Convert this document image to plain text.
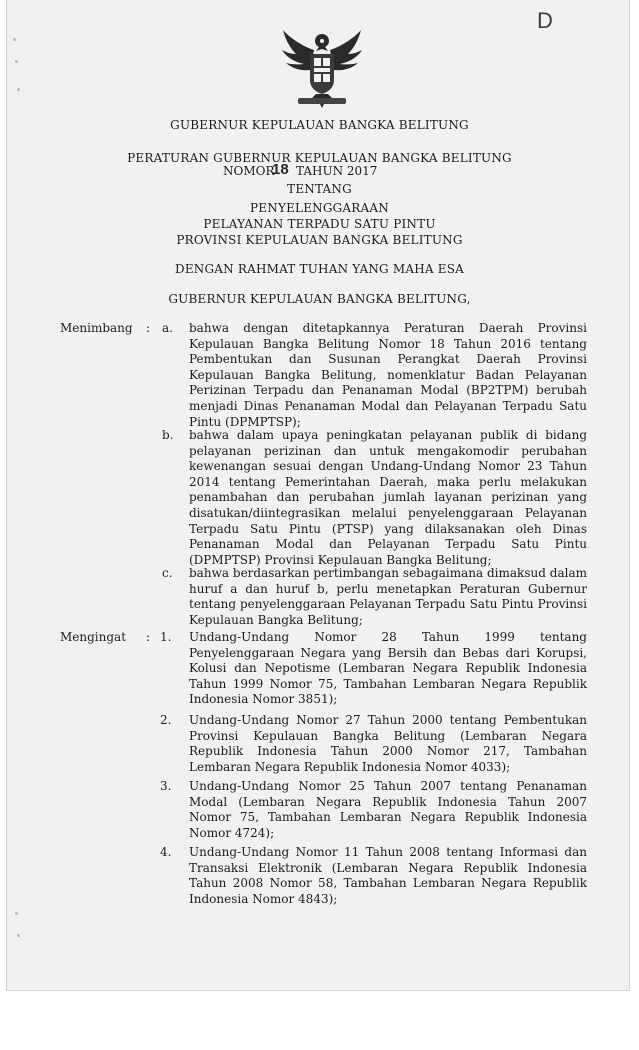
D
GUBERNUR KEPULAUAN BANGKA BELITUNG
PERATURAN GUBERNUR KEPULAUAN BANGKA BELITUNG
NOMOR
18 TAHUN 2017
TENTANG
PENYELENGGARAAN
PELAYANAN TERPADU SATU PINTU
PROVINSI KEPULAUAN BANGKA BELITUNG
DENGAN RAHMAT TUHAN YANG MAHA ESA
GUBERNUR KEPULAUAN BANGKA BELITUNG,
Menimbang : a. bahwa dengan ditetapkannya Peraturan Daerah Provinsi Kepulauan Bangka Belitung Nomor 18 Tahun 2016 tentang Pembentukan dan Susunan Perangkat Daerah Provinsi Kepulauan Bangka Belitung, nomenklatur Badan Pelayanan Perizinan Terpadu dan Penanaman Modal (BP2TPM) berubah menjadi Dinas Penanaman Modal dan Pelayanan Terpadu Satu Pintu (DPMPTSP);
b. bahwa dalam upaya peningkatan pelayanan publik di bidang pelayanan perizinan dan untuk mengakomodir perubahan kewenangan sesuai dengan Undang-Undang Nomor 23 Tahun 2014 tentang Pemerintahan Daerah, maka perlu melakukan penambahan dan perubahan jumlah layanan perizinan yang disatukan/diintegrasikan melalui penyelenggaraan Pelayanan Terpadu Satu Pintu (PTSP) yang dilaksanakan oleh Dinas Penanaman Modal dan Pelayanan Terpadu Satu Pintu (DPMPTSP) Provinsi Kepulauan Bangka Belitung;
c. bahwa berdasarkan pertimbangan sebagaimana dimaksud dalam huruf a dan huruf b, perlu menetapkan Peraturan Gubernur tentang penyelenggaraan Pelayanan Terpadu Satu Pintu Provinsi Kepulauan Bangka Belitung;
Mengingat : 1. Undang-Undang Nomor 28 Tahun 1999 tentang Penyelenggaraan Negara yang Bersih dan Bebas dari Korupsi, Kolusi dan Nepotisme (Lembaran Negara Republik Indonesia Tahun 1999 Nomor 75, Tambahan Lembaran Negara Republik Indonesia Nomor 3851);
2. Undang-Undang Nomor 27 Tahun 2000 tentang Pembentukan Provinsi Kepulauan Bangka Belitung (Lembaran Negara Republik Indonesia Tahun 2000 Nomor 217, Tambahan Lembaran Negara Republik Indonesia Nomor 4033);
3. Undang-Undang Nomor 25 Tahun 2007 tentang Penanaman Modal (Lembaran Negara Republik Indonesia Tahun 2007 Nomor 75, Tambahan Lembaran Negara Republik Indonesia Nomor 4724);
4. Undang-Undang Nomor 11 Tahun 2008 tentang Informasi dan Transaksi Elektronik (Lembaran Negara Republik Indonesia Tahun 2008 Nomor 58, Tambahan Lembaran Negara Republik Indonesia Nomor 4843);
